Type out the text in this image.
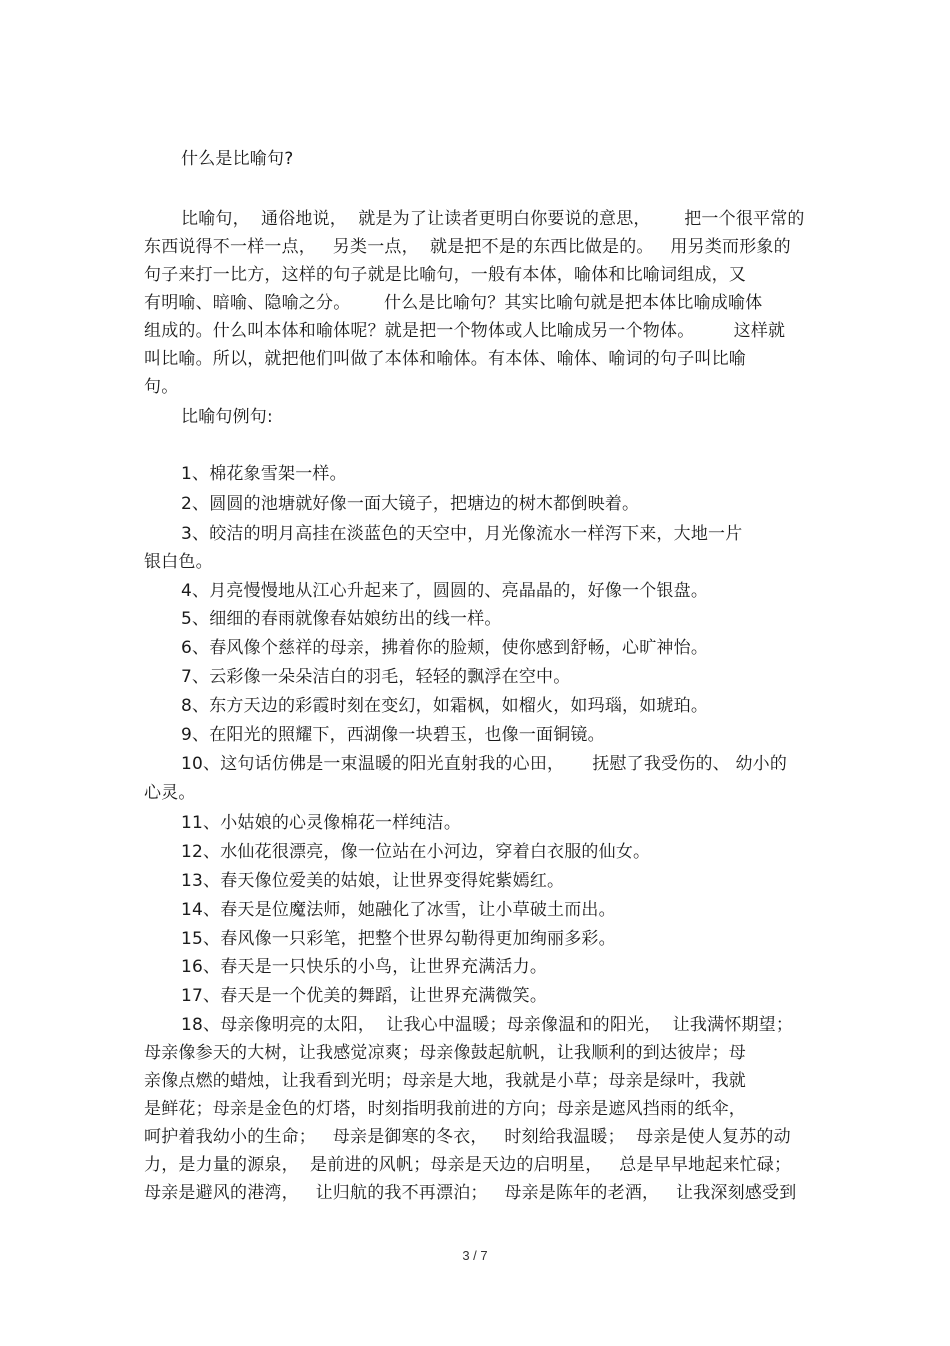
什么是比喻句?
比喻句，  通俗地说，  就是为了让读者更明白你要说的意思，      把一个很平常的
东西说得不一样一点，   另类一点，  就是把不是的东西比做是的。   用另类而形象的
句子来打一比方，这样的句子就是比喻句，一般有本体，喻体和比喻词组成，又
有明喻、暗喻、隐喻之分。      什么是比喻句？其实比喻句就是把本体比喻成喻体
组成的。什么叫本体和喻体呢？就是把一个物体或人比喻成另一个物体。       这样就
叫比喻。所以，就把他们叫做了本体和喻体。有本体、喻体、喻词的句子叫比喻
句。
比喻句例句:
1、棉花象雪架一样。
2、圆圆的池塘就好像一面大镜子，把塘边的树木都倒映着。
3、皎洁的明月高挂在淡蓝色的天空中，月光像流水一样泻下来，大地一片
银白色。
4、月亮慢慢地从江心升起来了，圆圆的、亮晶晶的，好像一个银盘。
5、细细的春雨就像春姑娘纺出的线一样。
6、春风像个慈祥的母亲，拂着你的脸颊，使你感到舒畅，心旷神怡。
7、云彩像一朵朵洁白的羽毛，轻轻的飘浮在空中。
8、东方天边的彩霞时刻在变幻，如霜枫，如榴火，如玛瑙，如琥珀。
9、在阳光的照耀下，西湖像一块碧玉，也像一面铜镜。
10、这句话仿佛是一束温暖的阳光直射我的心田，     抚慰了我受伤的、 幼小的
心灵。
11、小姑娘的心灵像棉花一样纯洁。
12、水仙花很漂亮，像一位站在小河边，穿着白衣服的仙女。
13、春天像位爱美的姑娘，让世界变得姹紫嫣红。
14、春天是位魔法师，她融化了冰雪，让小草破土而出。
15、春风像一只彩笔，把整个世界勾勒得更加绚丽多彩。
16、春天是一只快乐的小鸟，让世界充满活力。
17、春天是一个优美的舞蹈，让世界充满微笑。
18、母亲像明亮的太阳，  让我心中温暖；母亲像温和的阳光，  让我满怀期望；
母亲像参天的大树，让我感觉凉爽；母亲像鼓起航帆，让我顺利的到达彼岸；母
亲像点燃的蜡烛，让我看到光明；母亲是大地，我就是小草；母亲是绿叶，我就
是鲜花；母亲是金色的灯塔，时刻指明我前进的方向；母亲是遮风挡雨的纸伞，
呵护着我幼小的生命；   母亲是御寒的冬衣，   时刻给我温暖；  母亲是使人复苏的动
力，是力量的源泉，  是前进的风帆；母亲是天边的启明星，   总是早早地起来忙碌；
母亲是避风的港湾，   让归航的我不再漂泊；   母亲是陈年的老酒，   让我深刻感受到
3 / 7
